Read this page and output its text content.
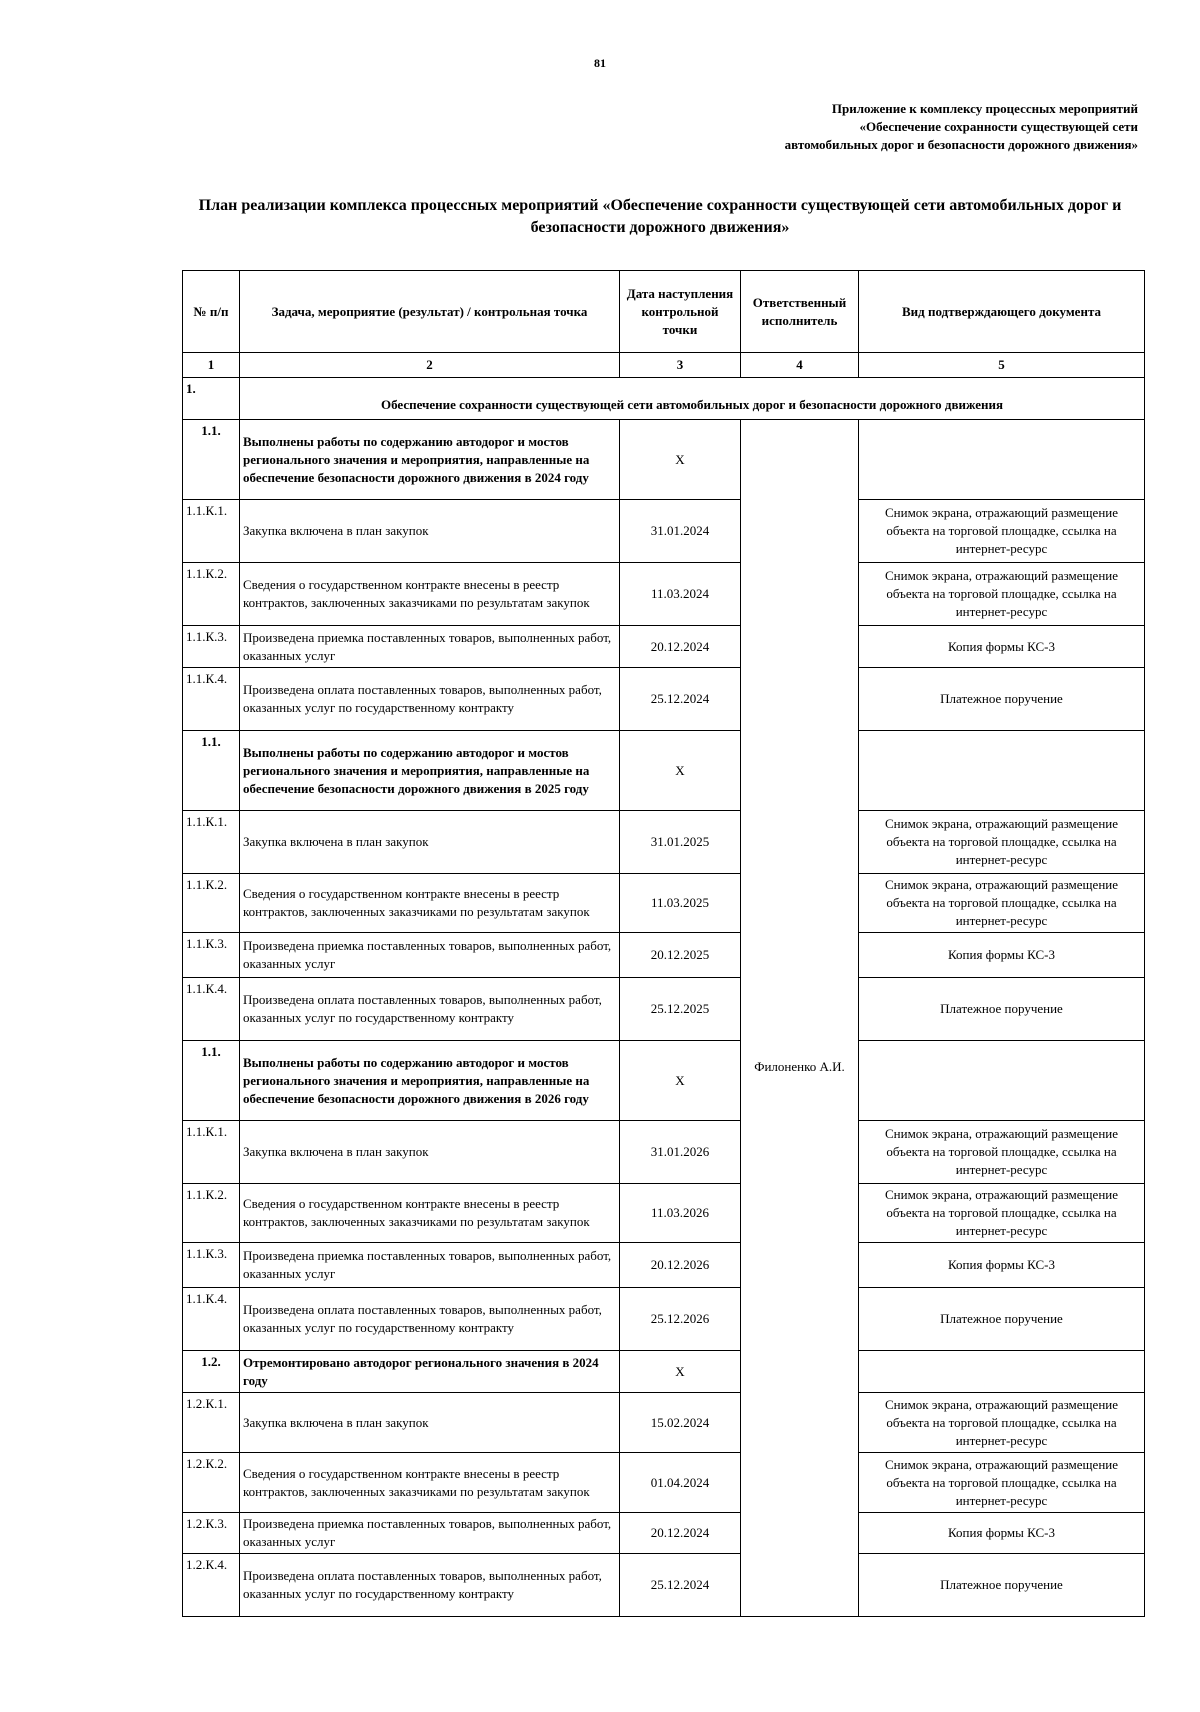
81
Приложение к комплексу процессных мероприятий
«Обеспечение сохранности существующей сети
автомобильных дорог и безопасности дорожного движения»
План реализации комплекса процессных мероприятий «Обеспечение сохранности существующей сети автомобильных дорог и безопасности дорожного движения»
№ п/п	Задача, мероприятие (результат) / контрольная точка	Дата наступления контрольной точки	Ответственный исполнитель	Вид подтверждающего документа
1	2	3	4	5
1.	Обеспечение сохранности существующей сети автомобильных дорог и безопасности дорожного движения			
1.1.	Выполнены работы по содержанию автодорог и мостов регионального значения и мероприятия, направленные на обеспечение безопасности дорожного движения в 2024 году	Х	Филоненко А.И.	
1.1.К.1.	Закупка включена в план закупок	31.01.2024		Снимок экрана, отражающий размещение объекта на торговой площадке, ссылка на интернет-ресурс
1.1.К.2.	Сведения о государственном контракте внесены в реестр контрактов, заключенных заказчиками по результатам закупок	11.03.2024		Снимок экрана, отражающий размещение объекта на торговой площадке, ссылка на интернет-ресурс
1.1.К.3.	Произведена приемка поставленных товаров, выполненных работ, оказанных услуг	20.12.2024		Копия формы КС-3
1.1.К.4.	Произведена оплата поставленных товаров, выполненных работ, оказанных услуг по государственному контракту	25.12.2024		Платежное поручение
1.1.	Выполнены работы по содержанию автодорог и мостов регионального значения и мероприятия, направленные на обеспечение безопасности дорожного движения в 2025 году	Х		
1.1.К.1.	Закупка включена в план закупок	31.01.2025		Снимок экрана, отражающий размещение объекта на торговой площадке, ссылка на интернет-ресурс
1.1.К.2.	Сведения о государственном контракте внесены в реестр контрактов, заключенных заказчиками по результатам закупок	11.03.2025		Снимок экрана, отражающий размещение объекта на торговой площадке, ссылка на интернет-ресурс
1.1.К.3.	Произведена приемка поставленных товаров, выполненных работ, оказанных услуг	20.12.2025		Копия формы КС-3
1.1.К.4.	Произведена оплата поставленных товаров, выполненных работ, оказанных услуг по государственному контракту	25.12.2025		Платежное поручение
1.1.	Выполнены работы по содержанию автодорог и мостов регионального значения и мероприятия, направленные на обеспечение безопасности дорожного движения в 2026 году	Х		
1.1.К.1.	Закупка включена в план закупок	31.01.2026		Снимок экрана, отражающий размещение объекта на торговой площадке, ссылка на интернет-ресурс
1.1.К.2.	Сведения о государственном контракте внесены в реестр контрактов, заключенных заказчиками по результатам закупок	11.03.2026		Снимок экрана, отражающий размещение объекта на торговой площадке, ссылка на интернет-ресурс
1.1.К.3.	Произведена приемка поставленных товаров, выполненных работ, оказанных услуг	20.12.2026		Копия формы КС-3
1.1.К.4.	Произведена оплата поставленных товаров, выполненных работ, оказанных услуг по государственному контракту	25.12.2026		Платежное поручение
1.2.	Отремонтировано автодорог регионального значения в 2024 году	Х		
1.2.К.1.	Закупка включена в план закупок	15.02.2024		Снимок экрана, отражающий размещение объекта на торговой площадке, ссылка на интернет-ресурс
1.2.К.2.	Сведения о государственном контракте внесены в реестр контрактов, заключенных заказчиками по результатам закупок	01.04.2024		Снимок экрана, отражающий размещение объекта на торговой площадке, ссылка на интернет-ресурс
1.2.К.3.	Произведена приемка поставленных товаров, выполненных работ, оказанных услуг	20.12.2024		Копия формы КС-3
1.2.К.4.	Произведена оплата поставленных товаров, выполненных работ, оказанных услуг по государственному контракту	25.12.2024		Платежное поручение
